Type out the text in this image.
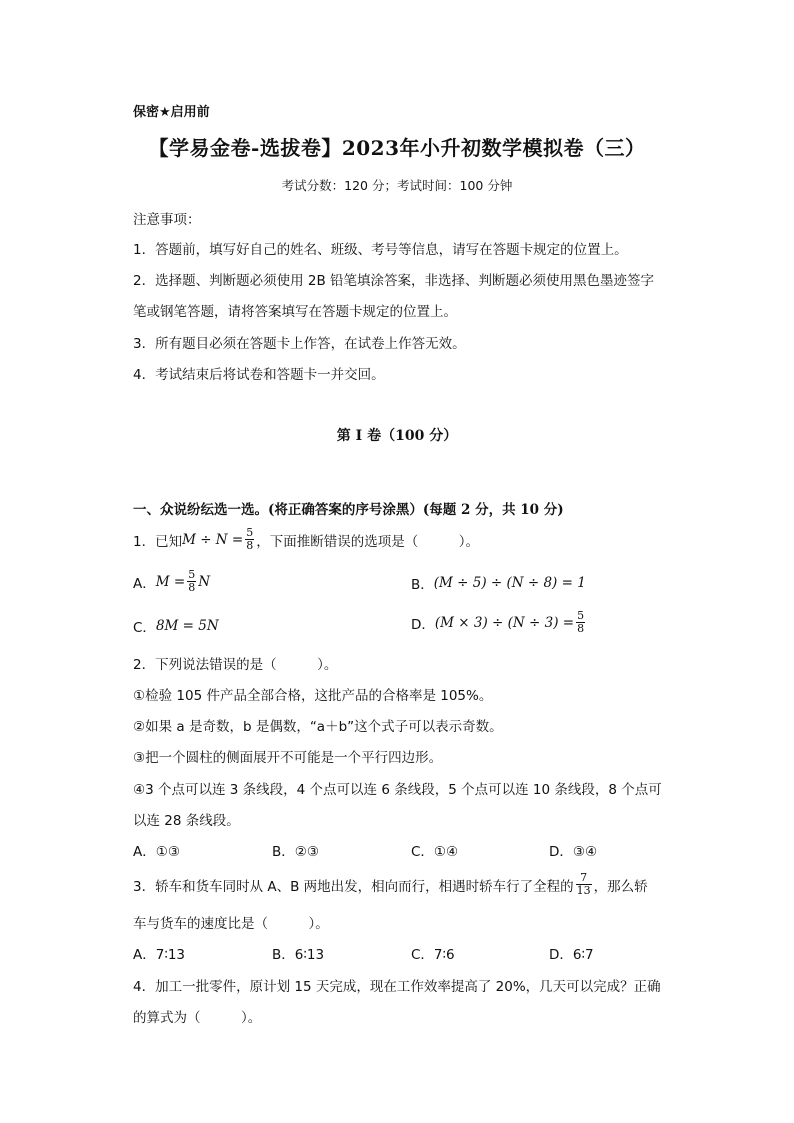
保密★启用前
【学易金卷-选拔卷】2023年小升初数学模拟卷（三）
考试分数：120 分；考试时间：100 分钟
注意事项：
1．答题前，填写好自己的姓名、班级、考号等信息，请写在答题卡规定的位置上。
2．选择题、判断题必须使用 2B 铅笔填涂答案，非选择、判断题必须使用黑色墨迹签字
笔或钢笔答题，请将答案填写在答题卡规定的位置上。
3．所有题目必须在答题卡上作答，在试卷上作答无效。
4．考试结束后将试卷和答题卡一并交回。
第 I 卷（100 分）
一、众说纷纭选一选。(将正确答案的序号涂黑）(每题 2 分，共 10 分)
1．已知 $M \div N = \frac{5}{8}$ ，下面推断错误的选项是（　　　）。
A． $M = \frac{5}{8}$ N	B． (M ÷ 5) ÷ (N ÷ 8) = 1
C． 8M = 5N	D． $(M \times 3) \div (N \div 3) = \frac{5}{8}$
2．下列说法错误的是（　　　）。
①检验 105 件产品全部合格，这批产品的合格率是 105%。
②如果 a 是奇数，b 是偶数，“a＋b”这个式子可以表示奇数。
③把一个圆柱的侧面展开不可能是一个平行四边形。
④3 个点可以连 3 条线段，4 个点可以连 6 条线段，5 个点可以连 10 条线段，8 个点可
以连 28 条线段。
A．①③	B．②③	C．①④	D．③④
3．轿车和货车同时从 A、B 两地出发，相向而行，相遇时轿车行了全程的 $\frac{7}{13}$ ，那么轿
车与货车的速度比是（　　　）。
A．7∶13	B．6∶13	C．7∶6	D．6∶7
4．加工一批零件，原计划 15 天完成，现在工作效率提高了 20%，几天可以完成？正确
的算式为（　　　）。
